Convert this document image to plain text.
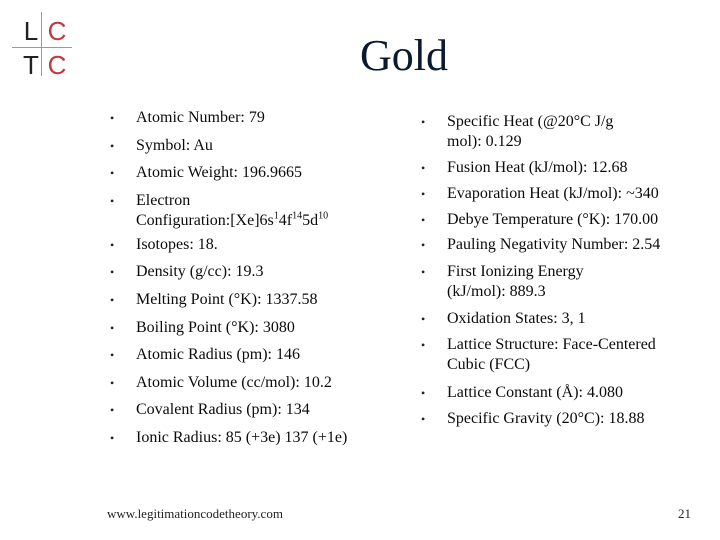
L C
T C	Gold
• Atomic Number: 79
• Symbol: Au
• Atomic Weight: 196.9665
• Electron
$Configuration:[Xe]6s^14f^{14}5d^{10}$
• Isotopes: 18.
• Density (g/cc): 19.3
• Melting Point (°K): 1337.58
• Boiling Point (°K): 3080
• Atomic Radius (pm): 146
• Atomic Volume (cc/mol): 10.2
• Covalent Radius (pm): 134
• Ionic Radius: 85 (+3e) 137 (+1e)
• Specific Heat (@20°C J/g
mol): 0.129
• Fusion Heat (kJ/mol): 12.68
• Evaporation Heat (kJ/mol): ~340
• Debye Temperature (°K): 170.00
• Pauling Negativity Number: 2.54
• First Ionizing Energy
(kJ/mol): 889.3
• Oxidation States: 3, 1
• Lattice Structure: Face-Centered
Cubic (FCC)
• Lattice Constant (Å): 4.080
• Specific Gravity (20°C): 18.88
www.legitimationcodetheory.com	21
